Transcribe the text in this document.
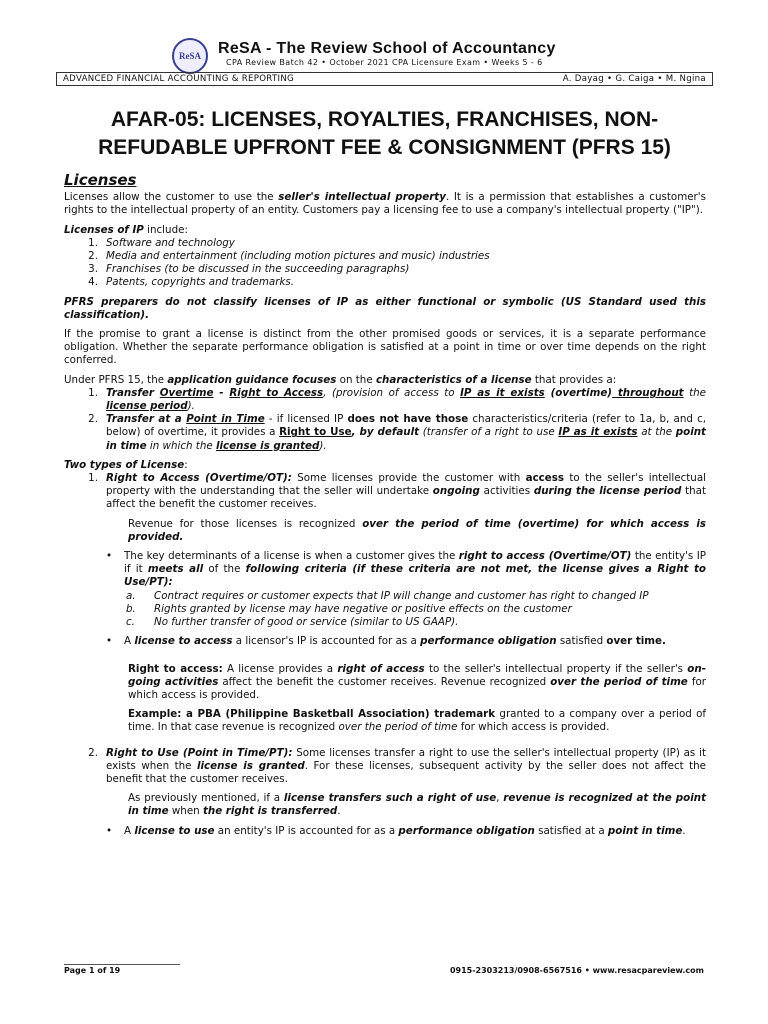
ReSA ReSA - The Review School of Accountancy
CPA Review Batch 42 • October 2021 CPA Licensure Exam • Weeks 5 - 6
ADVANCED FINANCIAL ACCOUNTING & REPORTING	A. Dayag • G. Caiga • M. Ngina
AFAR-05: LICENSES, ROYALTIES, FRANCHISES, NON-
REFUDABLE UPFRONT FEE & CONSIGNMENT (PFRS 15)
Licenses

Licenses allow the customer to use the seller's intellectual property. It is a permission that establishes a customer's rights to the intellectual property of an entity. Customers pay a licensing fee to use a company's intellectual property ("IP").

Licenses of IP include:
1. Software and technology
2. Media and entertainment (including motion pictures and music) industries
3. Franchises (to be discussed in the succeeding paragraphs)
4. Patents, copyrights and trademarks.

PFRS preparers do not classify licenses of IP as either functional or symbolic (US Standard used this classification).

If the promise to grant a license is distinct from the other promised goods or services, it is a separate performance obligation. Whether the separate performance obligation is satisfied at a point in time or over time depends on the right conferred.

Under PFRS 15, the application guidance focuses on the characteristics of a license that provides a:
1. Transfer Overtime - Right to Access, (provision of access to IP as it exists (overtime) throughout the license period).
2. Transfer at a Point in Time - if licensed IP does not have those characteristics/criteria (refer to 1a, b, and c, below) of overtime, it provides a Right to Use, by default (transfer of a right to use IP as it exists at the point in time in which the license is granted).
Two types of License:
1. Right to Access (Overtime/OT): Some licenses provide the customer with access to the seller's intellectual property with the understanding that the seller will undertake ongoing activities during the license period that affect the benefit the customer receives.

Revenue for those licenses is recognized over the period of time (overtime) for which access is provided.

•	The key determinants of a license is when a customer gives the right to access (Overtime/OT) the entity's IP if it meets all of the following criteria (if these criteria are not met, the license gives a Right to Use/PT):
a.	Contract requires or customer expects that IP will change and customer has right to changed IP
b.	Rights granted by license may have negative or positive effects on the customer
c.	No further transfer of good or service (similar to US GAAP).
•	A license to access a licensor's IP is accounted for as a performance obligation satisfied over time.

Right to access: A license provides a right of access to the seller's intellectual property if the seller's on-going activities affect the benefit the customer receives. Revenue recognized over the period of time for which access is provided.

Example: a PBA (Philippine Basketball Association) trademark granted to a company over a period of time. In that case revenue is recognized over the period of time for which access is provided.

2. Right to Use (Point in Time/PT): Some licenses transfer a right to use the seller's intellectual property (IP) as it exists when the license is granted. For these licenses, subsequent activity by the seller does not affect the benefit that the customer receives.

As previously mentioned, if a license transfers such a right of use, revenue is recognized at the point in time when the right is transferred.

•	A license to use an entity's IP is accounted for as a performance obligation satisfied at a point in time.
Page 1 of 19	0915-2303213/0908-6567516 • www.resacpareview.com
